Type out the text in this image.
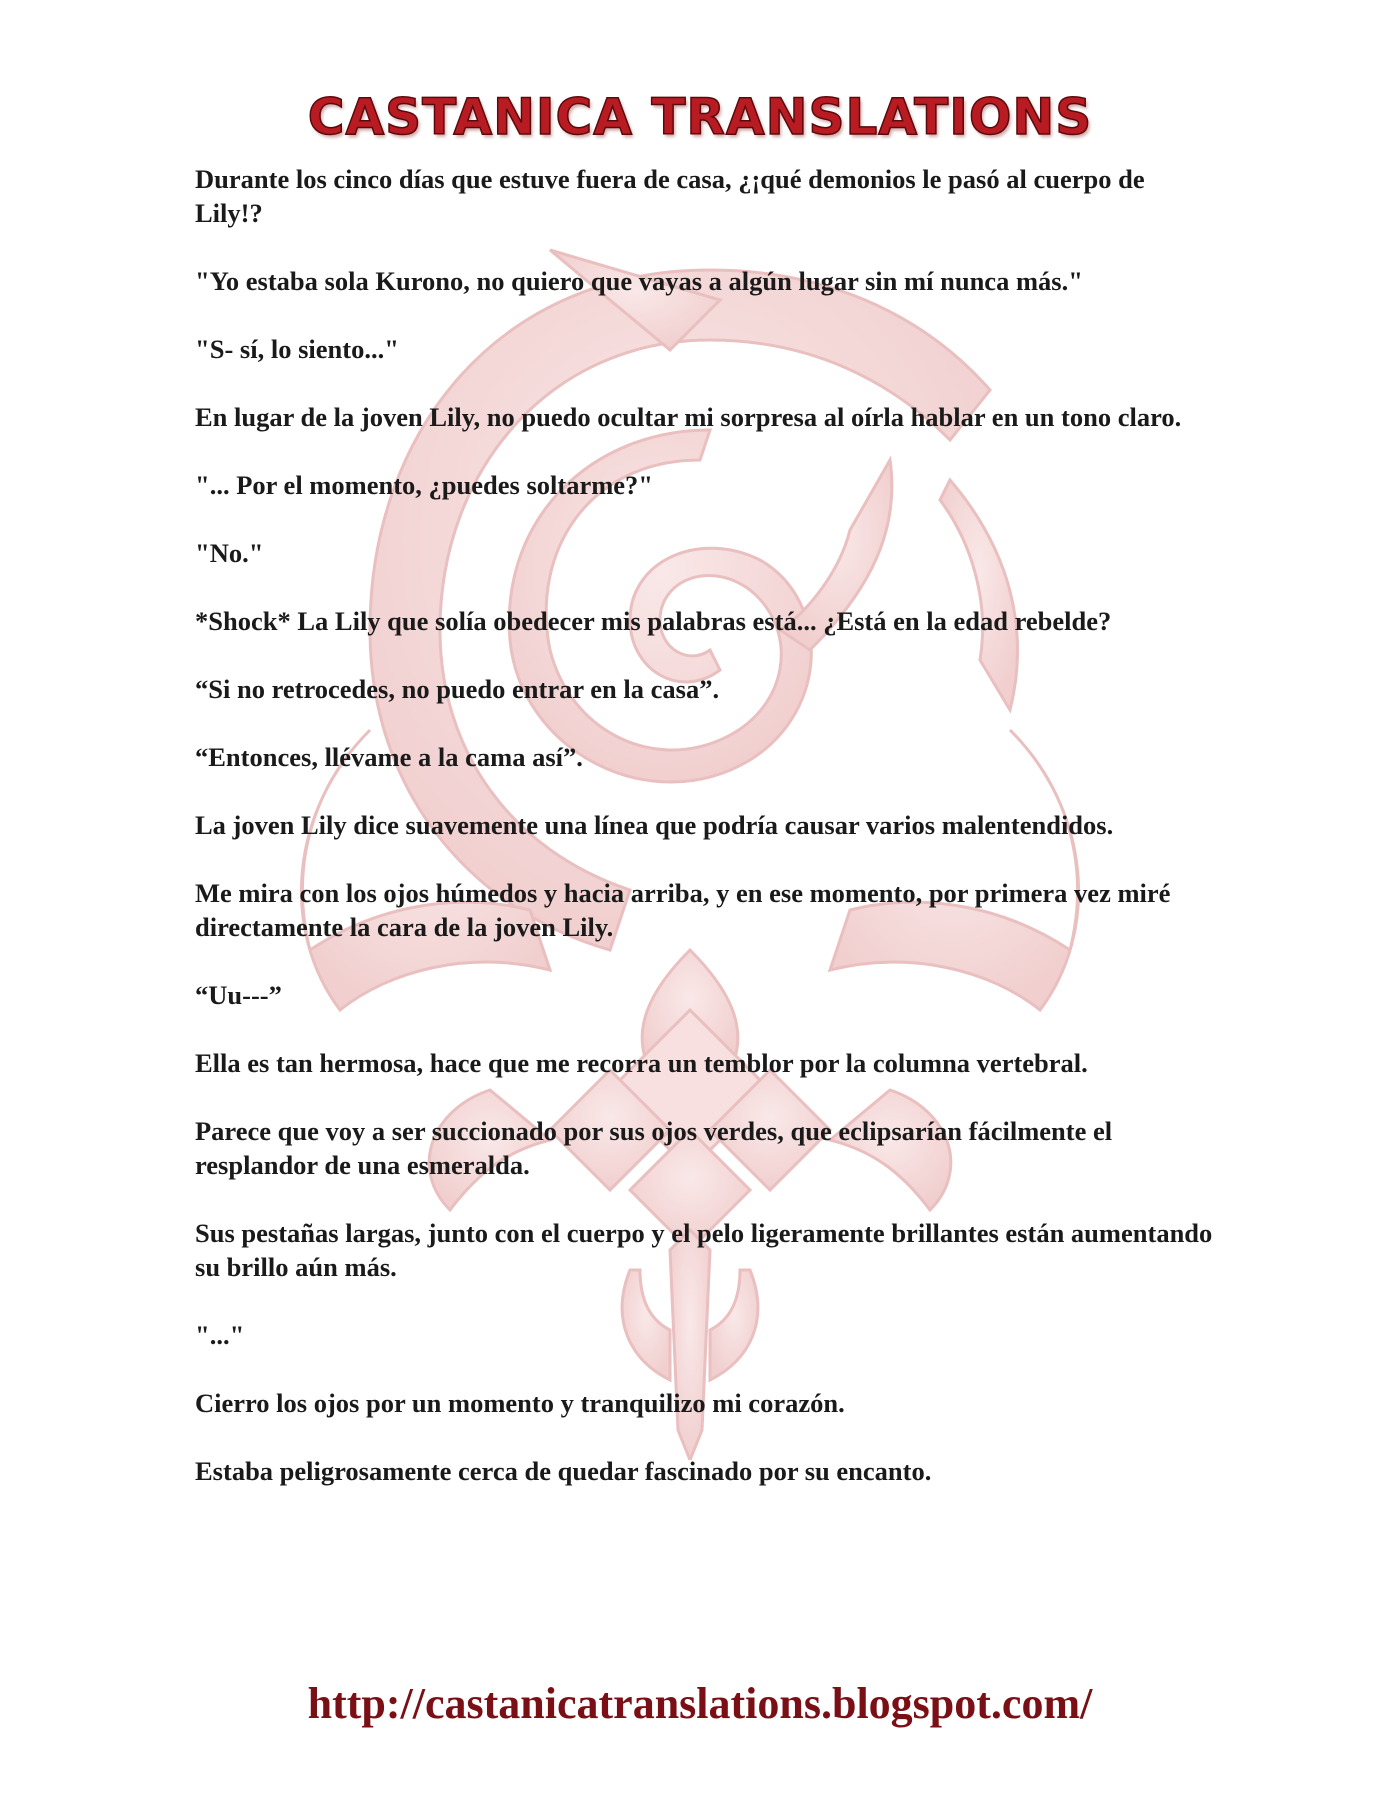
CASTANICA TRANSLATIONS

Durante los cinco días que estuve fuera de casa, ¿¡qué demonios le pasó al cuerpo de Lily!?

"Yo estaba sola Kurono, no quiero que vayas a algún lugar sin mí nunca más."

"S- sí, lo siento..."

En lugar de la joven Lily, no puedo ocultar mi sorpresa al oírla hablar en un tono claro.

"... Por el momento, ¿puedes soltarme?"

"No."

*Shock* La Lily que solía obedecer mis palabras está... ¿Está en la edad rebelde?

“Si no retrocedes, no puedo entrar en la casa”.

“Entonces, llévame a la cama así”.

La joven Lily dice suavemente una línea que podría causar varios malentendidos.

Me mira con los ojos húmedos y hacia arriba, y en ese momento, por primera vez miré directamente la cara de la joven Lily.

“Uu---”

Ella es tan hermosa, hace que me recorra un temblor por la columna vertebral.

Parece que voy a ser succionado por sus ojos verdes, que eclipsarían fácilmente el resplandor de una esmeralda.

Sus pestañas largas, junto con el cuerpo y el pelo ligeramente brillantes están aumentando su brillo aún más.

"..."

Cierro los ojos por un momento y tranquilizo mi corazón.

Estaba peligrosamente cerca de quedar fascinado por su encanto.

http://castanicatranslations.blogspot.com/
